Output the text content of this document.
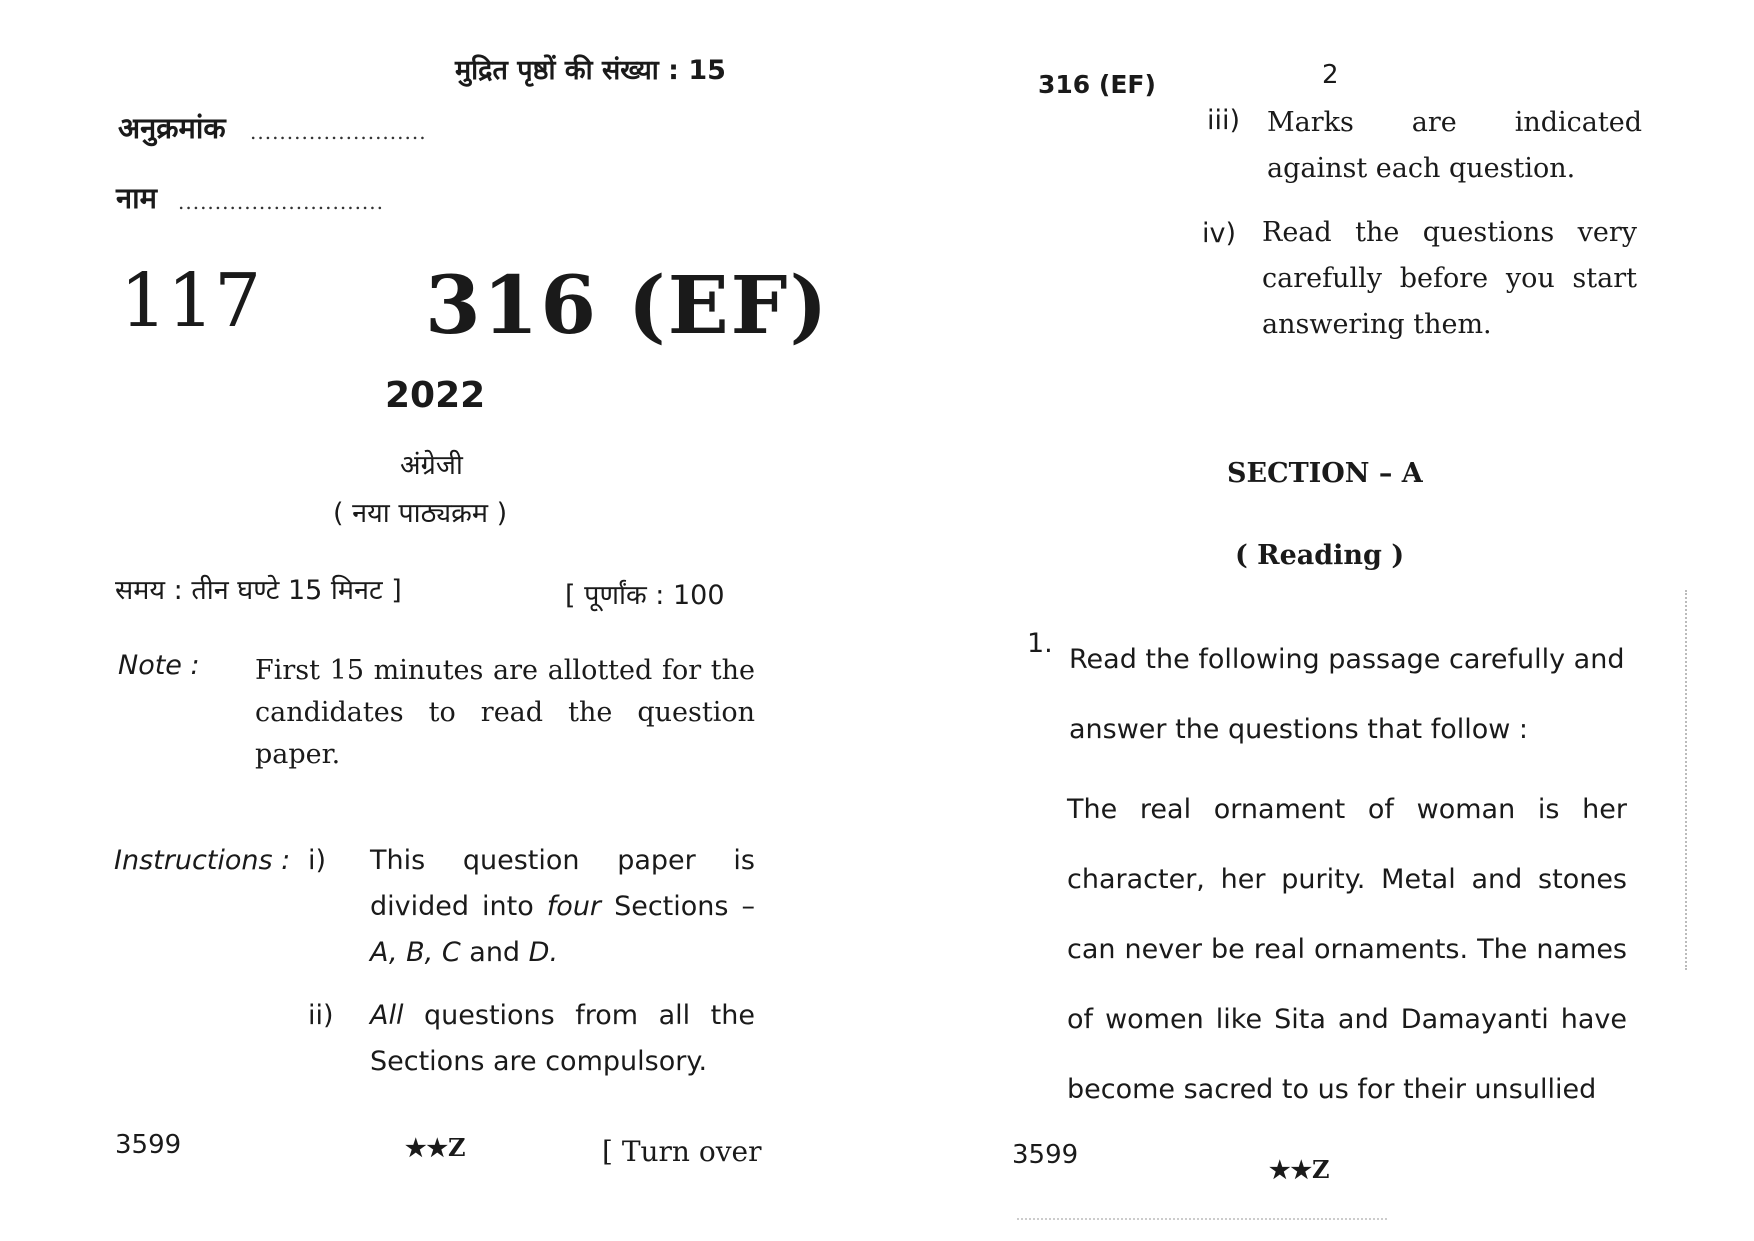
मुद्रित पृष्ठों की संख्या : 15
अनुक्रमांक ........................
नाम ............................
117 316 (EF)
2022
अंग्रेजी
( नया पाठ्यक्रम )
समय : तीन घण्टे 15 मिनट ]	[ पूर्णांक : 100
Note : First 15 minutes are allotted for the candidates to read the question paper.
Instructions : i) This question paper is divided into four Sections – A, B, C and D.
ii) All questions from all the Sections are compulsory.
3599	★★Z	[ Turn over
316 (EF)	2
iii) Marks are indicated against each question.
iv) Read the questions very carefully before you start answering them.
SECTION – A
( Reading )
1.
Read the following passage carefully and answer the questions that follow :
The real ornament of woman is her character, her purity. Metal and stones can never be real ornaments. The names of women like Sita and Damayanti have become sacred to us for their unsullied
3599	★★Z
